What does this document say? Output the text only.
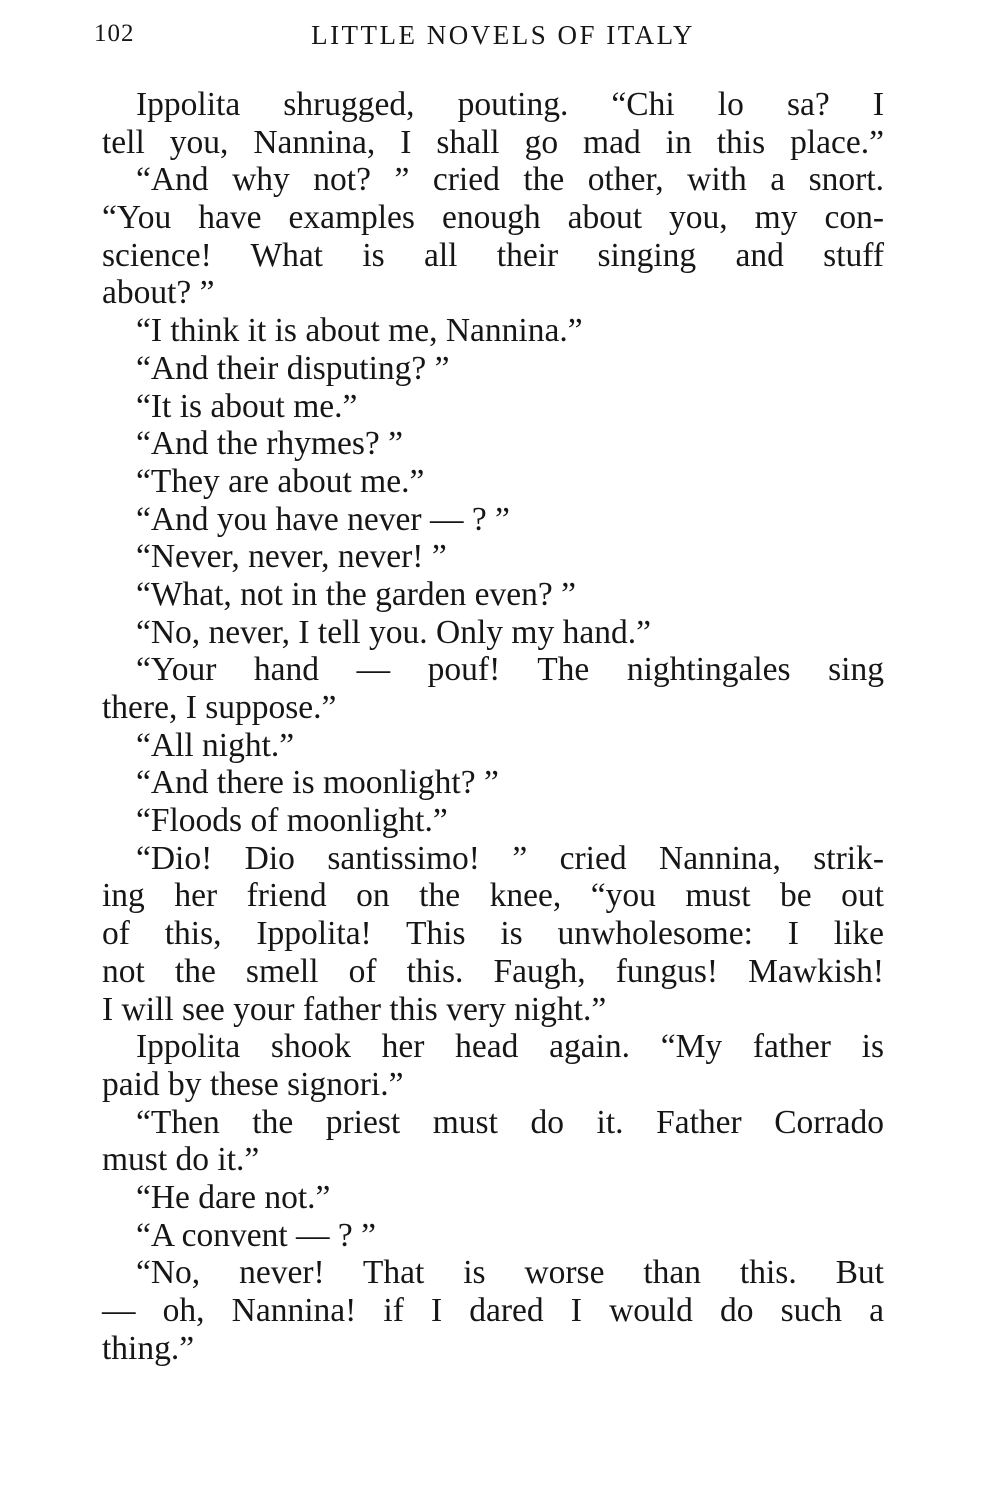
102	LITTLE NOVELS OF ITALY
Ippolita shrugged, pouting. “Chi lo sa? I
tell you, Nannina, I shall go mad in this place.”
“And why not? ” cried the other, with a snort.
“You have examples enough about you, my con-
science! What is all their singing and stuff
about? ”
“I think it is about me, Nannina.”
“And their disputing? ”
“It is about me.”
“And the rhymes? ”
“They are about me.”
“And you have never — ? ”
“Never, never, never! ”
“What, not in the garden even? ”
“No, never, I tell you. Only my hand.”
“Your hand — pouf! The nightingales sing
there, I suppose.”
“All night.”
“And there is moonlight? ”
“Floods of moonlight.”
“Dio! Dio santissimo! ” cried Nannina, strik-
ing her friend on the knee, “you must be out
of this, Ippolita! This is unwholesome: I like
not the smell of this. Faugh, fungus! Mawkish!
I will see your father this very night.”
Ippolita shook her head again. “My father is
paid by these signori.”
“Then the priest must do it. Father Corrado
must do it.”
“He dare not.”
“A convent — ? ”
“No, never! That is worse than this. But
— oh, Nannina! if I dared I would do such a
thing.”
